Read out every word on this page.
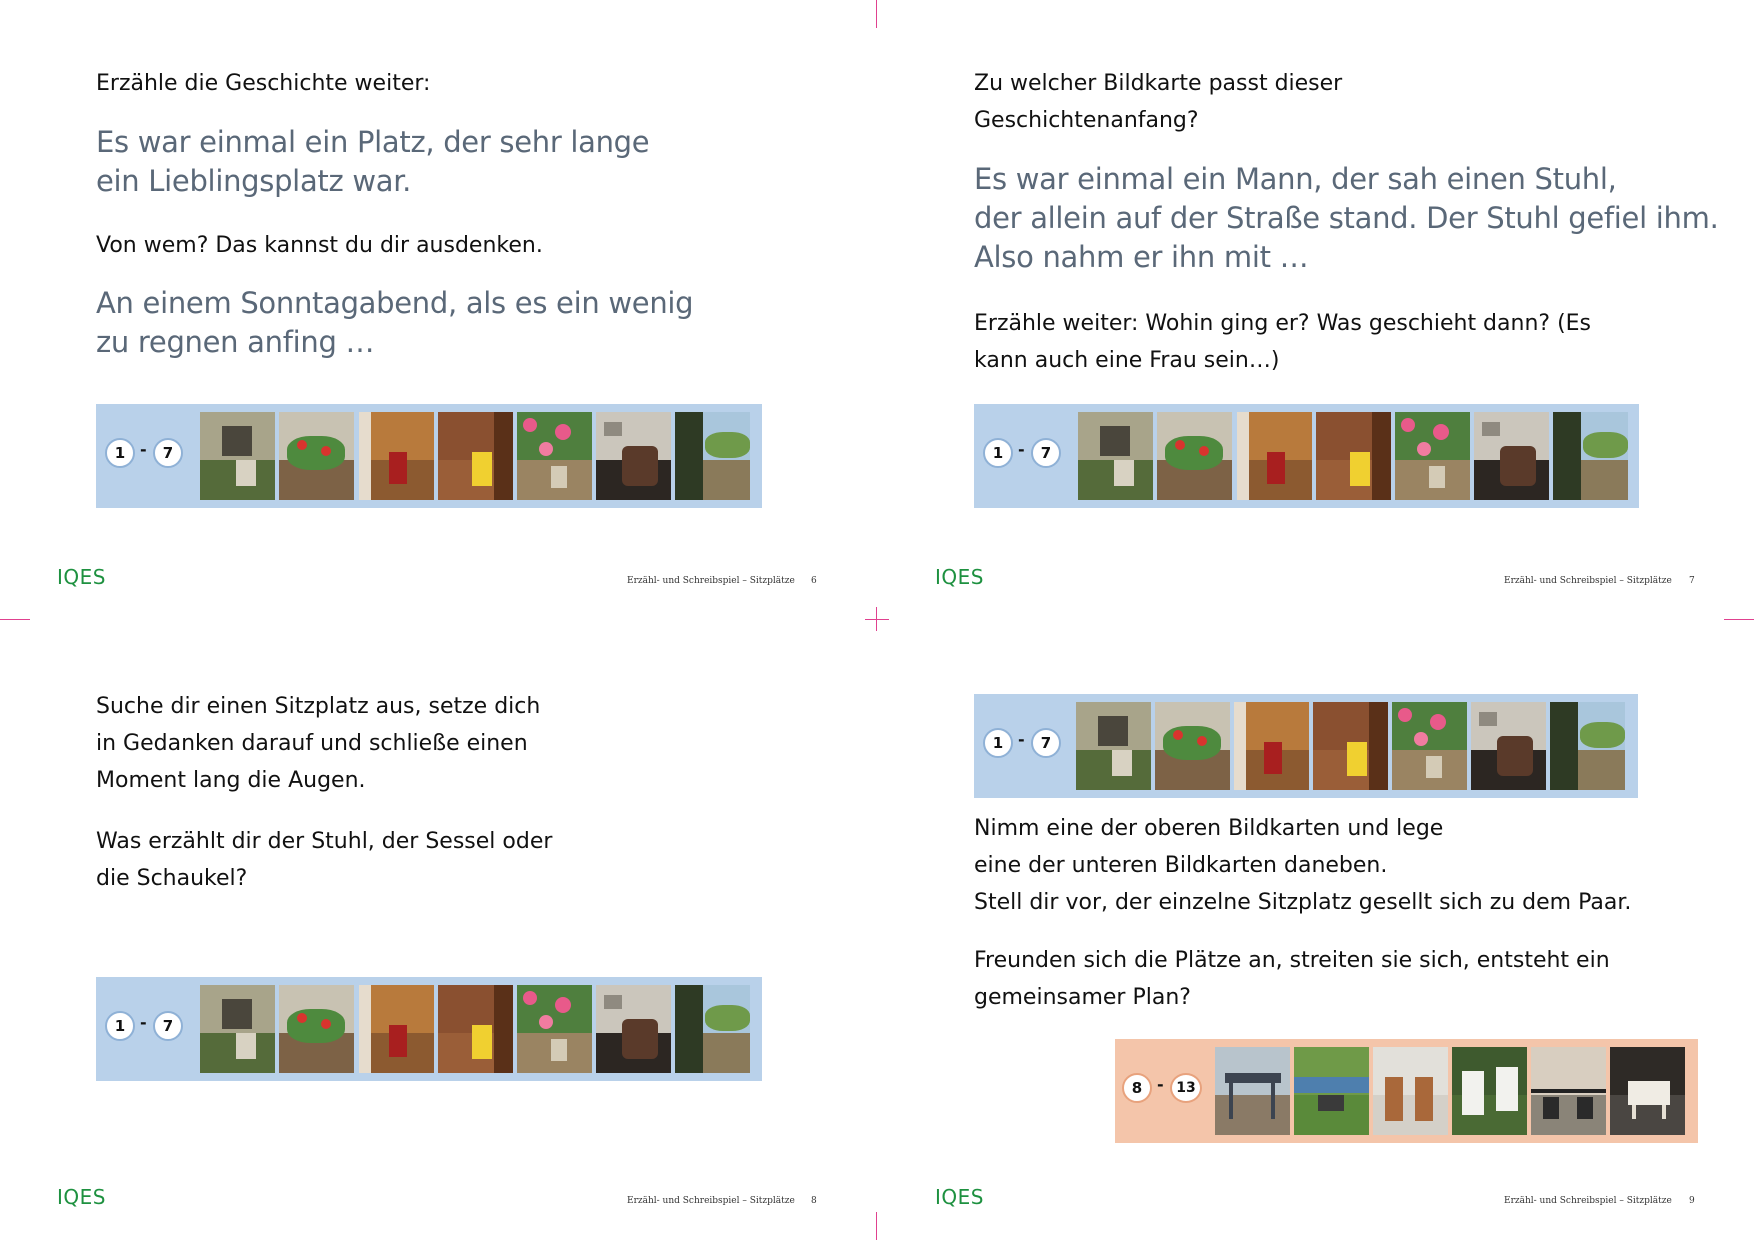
Erzähle die Geschichte weiter:
Es war einmal ein Platz, der sehr lange
ein Lieblingsplatz war.
Von wem? Das kannst du dir ausdenken.
An einem Sonntagabend, als es ein wenig
zu regnen anfing …
1 -	7
IQES	Erzähl- und Schreibspiel – Sitzplätze 6
Zu welcher Bildkarte passt dieser
Geschichtenanfang?
Es war einmal ein Mann, der sah einen Stuhl,
der allein auf der Straße stand. Der Stuhl gefiel ihm.
Also nahm er ihn mit …
Erzähle weiter: Wohin ging er? Was geschieht dann? (Es
kann auch eine Frau sein…)
1 -	7
IQES	Erzähl- und Schreibspiel – Sitzplätze 7
Suche dir einen Sitzplatz aus, setze dich
in Gedanken darauf und schließe einen
Moment lang die Augen.
Was erzählt dir der Stuhl, der Sessel oder
die Schaukel?
1 -	7
IQES	Erzähl- und Schreibspiel – Sitzplätze 8
1 -	7
Nimm eine der oberen Bildkarten und lege
eine der unteren Bildkarten daneben.
Stell dir vor, der einzelne Sitzplatz gesellt sich zu dem Paar.
Freunden sich die Plätze an, streiten sie sich, entsteht ein
gemeinsamer Plan?
8 - 13
IQES	Erzähl- und Schreibspiel – Sitzplätze 9
